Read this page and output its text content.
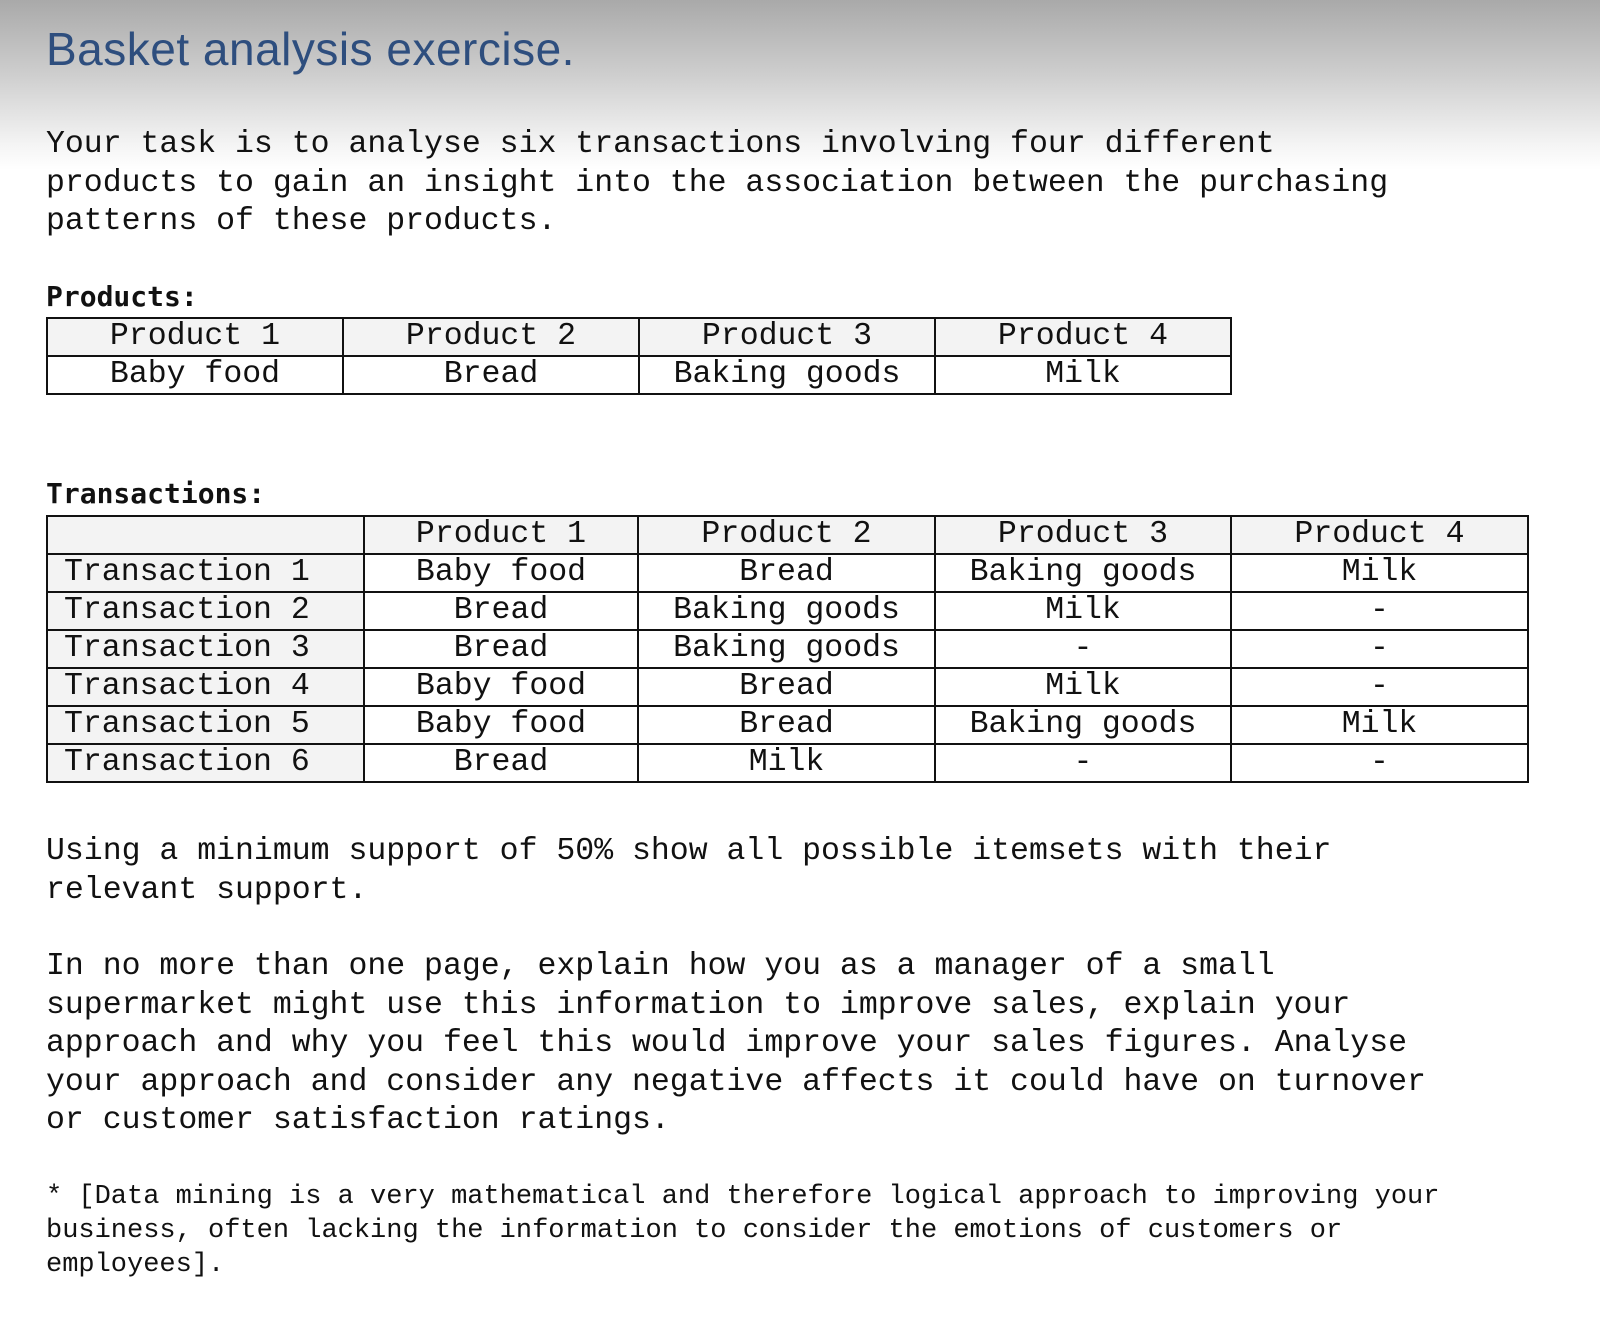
Basket analysis exercise.
Your task is to analyse six transactions involving four different
products to gain an insight into the association between the purchasing
patterns of these products.
Products:
Product 1	Product 2	Product 3	Product 4
Baby food	Bread	Baking goods	Milk
Transactions:
	Product 1	Product 2	Product 3	Product 4
Transaction 1	Baby food	Bread	Baking goods	Milk
Transaction 2	Bread	Baking goods	Milk	-
Transaction 3	Bread	Baking goods	-	-
Transaction 4	Baby food	Bread	Milk	-
Transaction 5	Baby food	Bread	Baking goods	Milk
Transaction 6	Bread	Milk	-	-
Using a minimum support of 50% show all possible itemsets with their
relevant support.
In no more than one page, explain how you as a manager of a small
supermarket might use this information to improve sales, explain your
approach and why you feel this would improve your sales figures. Analyse
your approach and consider any negative affects it could have on turnover
or customer satisfaction ratings.
* [Data mining is a very mathematical and therefore logical approach to improving your
business, often lacking the information to consider the emotions of customers or
employees].
